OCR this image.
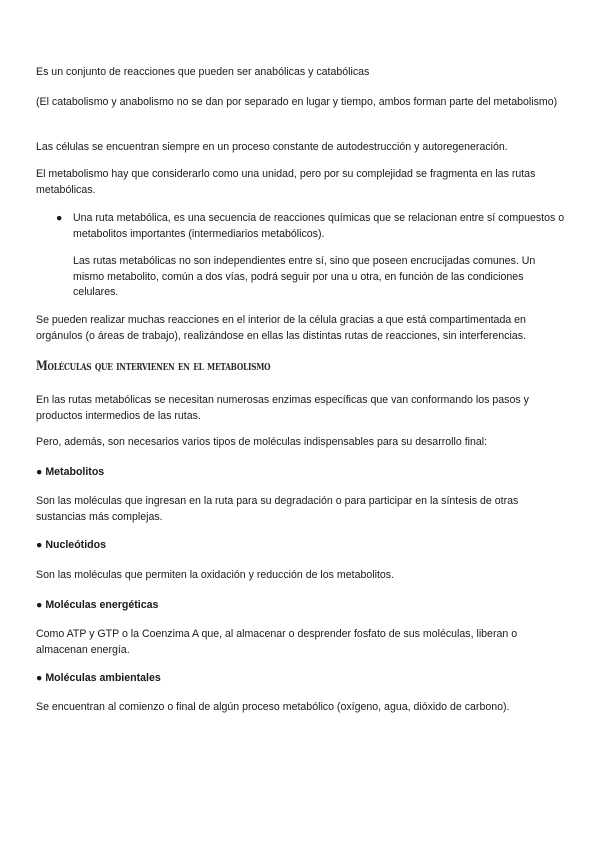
Es un conjunto de reacciones que pueden ser anabólicas y catabólicas

(El catabolismo y anabolismo no se dan por separado en lugar y tiempo, ambos forman parte del metabolismo)

Las células se encuentran siempre en un proceso constante de autodestrucción y autoregeneración.

El metabolismo hay que considerarlo como una unidad, pero por su complejidad se fragmenta en las rutas metabólicas.

● Una ruta metabólica, es una secuencia de reacciones químicas que se relacionan entre sí compuestos o metabolitos importantes (intermediarios metabólicos).

Las rutas metabólicas no son independientes entre sí, sino que poseen encrucijadas comunes. Un mismo metabolito, común a dos vías, podrá seguir por una u otra, en función de las condiciones celulares.

Se pueden realizar muchas reacciones en el interior de la célula gracias a que está compartimentada en orgánulos (o áreas de trabajo), realizándose en ellas las distintas rutas de reacciones, sin interferencias.

Moléculas que intervienen en el metabolismo

En las rutas metabólicas se necesitan numerosas enzimas específicas que van conformando los pasos y productos intermedios de las rutas.

Pero, además, son necesarios varios tipos de moléculas indispensables para su desarrollo final:

● Metabolitos

Son las moléculas que ingresan en la ruta para su degradación o para participar en la síntesis de otras sustancias más complejas.

● Nucleótidos

Son las moléculas que permiten la oxidación y reducción de los metabolitos.

● Moléculas energéticas

Como ATP y GTP o la Coenzima A que, al almacenar o desprender fosfato de sus moléculas, liberan o almacenan energía.

● Moléculas ambientales

Se encuentran al comienzo o final de algún proceso metabólico (oxígeno, agua, dióxido de carbono).
